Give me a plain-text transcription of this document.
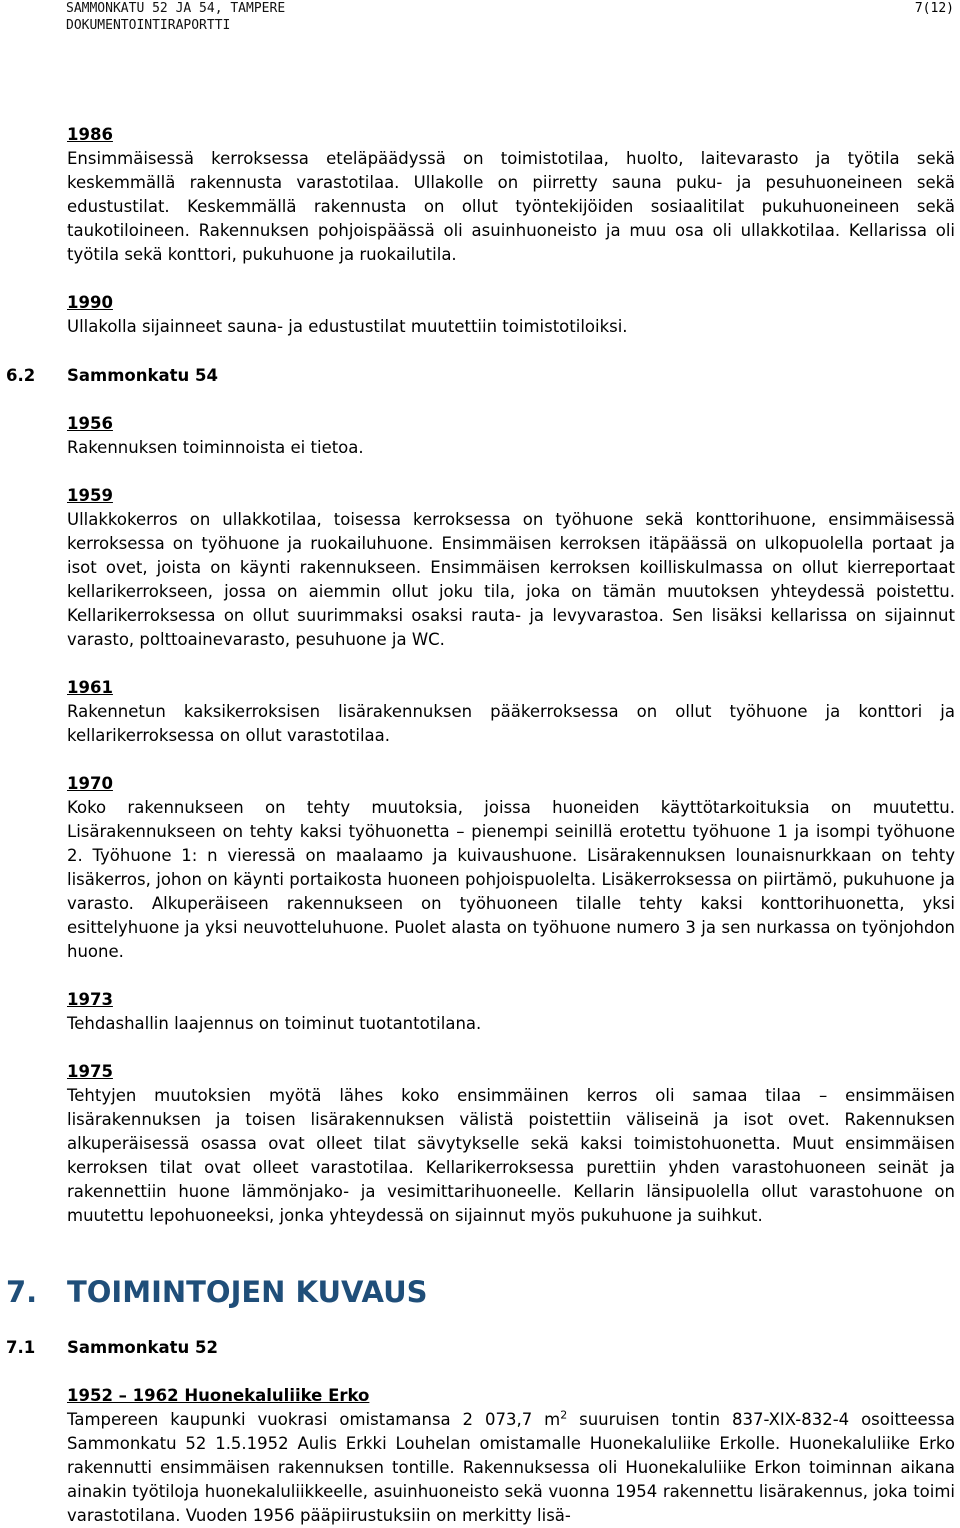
SAMMONKATU 52 JA 54, TAMPERE
DOKUMENTOINTIRAPORTTI
7(12)
1986

Ensimmäisessä kerroksessa eteläpäädyssä on toimistotilaa, huolto, laitevarasto ja työtila sekä keskemmällä rakennusta varastotilaa. Ullakolle on piirretty sauna puku- ja pesuhuoneineen sekä edustustilat. Keskemmällä rakennusta on ollut työntekijöiden sosiaalitilat pukuhuoneineen sekä taukotiloineen. Rakennuksen pohjoispäässä oli asuinhuoneisto ja muu osa oli ullakkotilaa. Kellarissa oli työtila sekä konttori, pukuhuone ja ruokailutila.

1990

Ullakolla sijainneet sauna- ja edustustilat muutettiin toimistotiloiksi.

6.2 Sammonkatu 54
1956

Rakennuksen toiminnoista ei tietoa.

1959

Ullakkokerros on ullakkotilaa, toisessa kerroksessa on työhuone sekä konttorihuone, ensimmäisessä kerroksessa on työhuone ja ruokailuhuone. Ensimmäisen kerroksen itäpäässä on ulkopuolella portaat ja isot ovet, joista on käynti rakennukseen. Ensimmäisen kerroksen koilliskulmassa on ollut kierreportaat kellarikerrokseen, jossa on aiemmin ollut joku tila, joka on tämän muutoksen yhteydessä poistettu. Kellarikerroksessa on ollut suurimmaksi osaksi rauta- ja levyvarastoa. Sen lisäksi kellarissa on sijainnut varasto, polttoainevarasto, pesuhuone ja WC.

1961

Rakennetun kaksikerroksisen lisärakennuksen pääkerroksessa on ollut työhuone ja konttori ja kellarikerroksessa on ollut varastotilaa.

1970

Koko rakennukseen on tehty muutoksia, joissa huoneiden käyttötarkoituksia on muutettu. Lisärakennukseen on tehty kaksi työhuonetta – pienempi seinillä erotettu työhuone 1 ja isompi työhuone 2. Työhuone 1: n vieressä on maalaamo ja kuivaushuone. Lisärakennuksen lounaisnurkkaan on tehty lisäkerros, johon on käynti portaikosta huoneen pohjoispuolelta. Lisäkerroksessa on piirtämö, pukuhuone ja varasto. Alkuperäiseen rakennukseen on työhuoneen tilalle tehty kaksi konttorihuonetta, yksi esittelyhuone ja yksi neuvotteluhuone. Puolet alasta on työhuone numero 3 ja sen nurkassa on työnjohdon huone.

1973

Tehdashallin laajennus on toiminut tuotantotilana.

1975

Tehtyjen muutoksien myötä lähes koko ensimmäinen kerros oli samaa tilaa – ensimmäisen lisärakennuksen ja toisen lisärakennuksen välistä poistettiin väliseinä ja isot ovet. Rakennuksen alkuperäisessä osassa ovat olleet tilat sävytykselle sekä kaksi toimistohuonetta. Muut ensimmäisen kerroksen tilat ovat olleet varastotilaa. Kellarikerroksessa purettiin yhden varastohuoneen seinät ja rakennettiin huone lämmönjako- ja vesimittarihuoneelle. Kellarin länsipuolella ollut varastohuone on muutettu lepohuoneeksi, jonka yhteydessä on sijainnut myös pukuhuone ja suihkut.

7. TOIMINTOJEN KUVAUS
7.1 Sammonkatu 52
1952 – 1962 Huonekaluliike Erko

Tampereen kaupunki vuokrasi omistamansa 2 073,7 $m^2$ suuruisen tontin 837-XIX-832-4 osoitteessa Sammonkatu 52 1.5.1952 Aulis Erkki Louhelan omistamalle Huonekaluliike Erkolle. Huonekaluliike Erko rakennutti ensimmäisen rakennuksen tontille. Rakennuksessa oli Huonekaluliike Erkon toiminnan aikana ainakin työtiloja huonekaluliikkeelle, asuinhuoneisto sekä vuonna 1954 rakennettu lisärakennus, joka toimi varastotilana. Vuoden 1956 pääpiirustuksiin on merkitty lisä-
